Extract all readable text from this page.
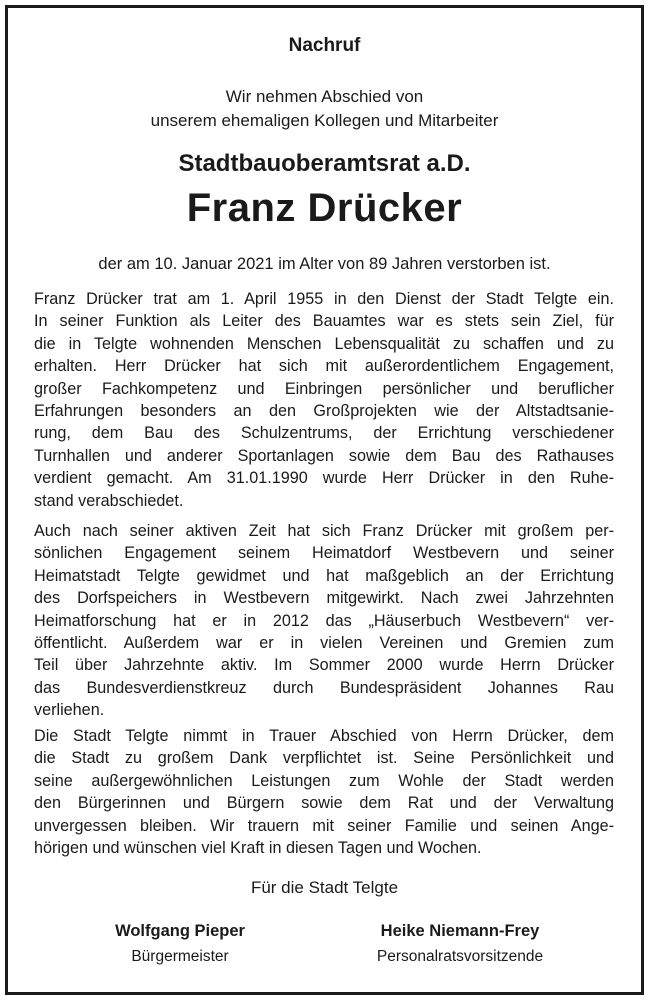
Nachruf
Wir nehmen Abschied von
unserem ehemaligen Kollegen und Mitarbeiter
Stadtbauoberamtsrat a.D.
Franz Drücker
der am 10. Januar 2021 im Alter von 89 Jahren verstorben ist.
Franz Drücker trat am 1. April 1955 in den Dienst der Stadt Telgte ein.
In seiner Funktion als Leiter des Bauamtes war es stets sein Ziel, für
die in Telgte wohnenden Menschen Lebensqualität zu schaffen und zu
erhalten. Herr Drücker hat sich mit außerordentlichem Engagement,
großer Fachkompetenz und Einbringen persönlicher und beruflicher
Erfahrungen besonders an den Großprojekten wie der Altstadtsanie-
rung, dem Bau des Schulzentrums, der Errichtung verschiedener
Turnhallen und anderer Sportanlagen sowie dem Bau des Rathauses
verdient gemacht. Am 31.01.1990 wurde Herr Drücker in den Ruhe-
stand verabschiedet.
Auch nach seiner aktiven Zeit hat sich Franz Drücker mit großem per-
sönlichen Engagement seinem Heimatdorf Westbevern und seiner
Heimatstadt Telgte gewidmet und hat maßgeblich an der Errichtung
des Dorfspeichers in Westbevern mitgewirkt. Nach zwei Jahrzehnten
Heimatforschung hat er in 2012 das „Häuserbuch Westbevern“ ver-
öffentlicht. Außerdem war er in vielen Vereinen und Gremien zum
Teil über Jahrzehnte aktiv. Im Sommer 2000 wurde Herrn Drücker
das Bundesverdienstkreuz durch Bundespräsident Johannes Rau
verliehen.
Die Stadt Telgte nimmt in Trauer Abschied von Herrn Drücker, dem
die Stadt zu großem Dank verpflichtet ist. Seine Persönlichkeit und
seine außergewöhnlichen Leistungen zum Wohle der Stadt werden
den Bürgerinnen und Bürgern sowie dem Rat und der Verwaltung
unvergessen bleiben. Wir trauern mit seiner Familie und seinen Ange-
hörigen und wünschen viel Kraft in diesen Tagen und Wochen.
Für die Stadt Telgte
Wolfgang Pieper
Bürgermeister
Heike Niemann-Frey
Personalratsvorsitzende
